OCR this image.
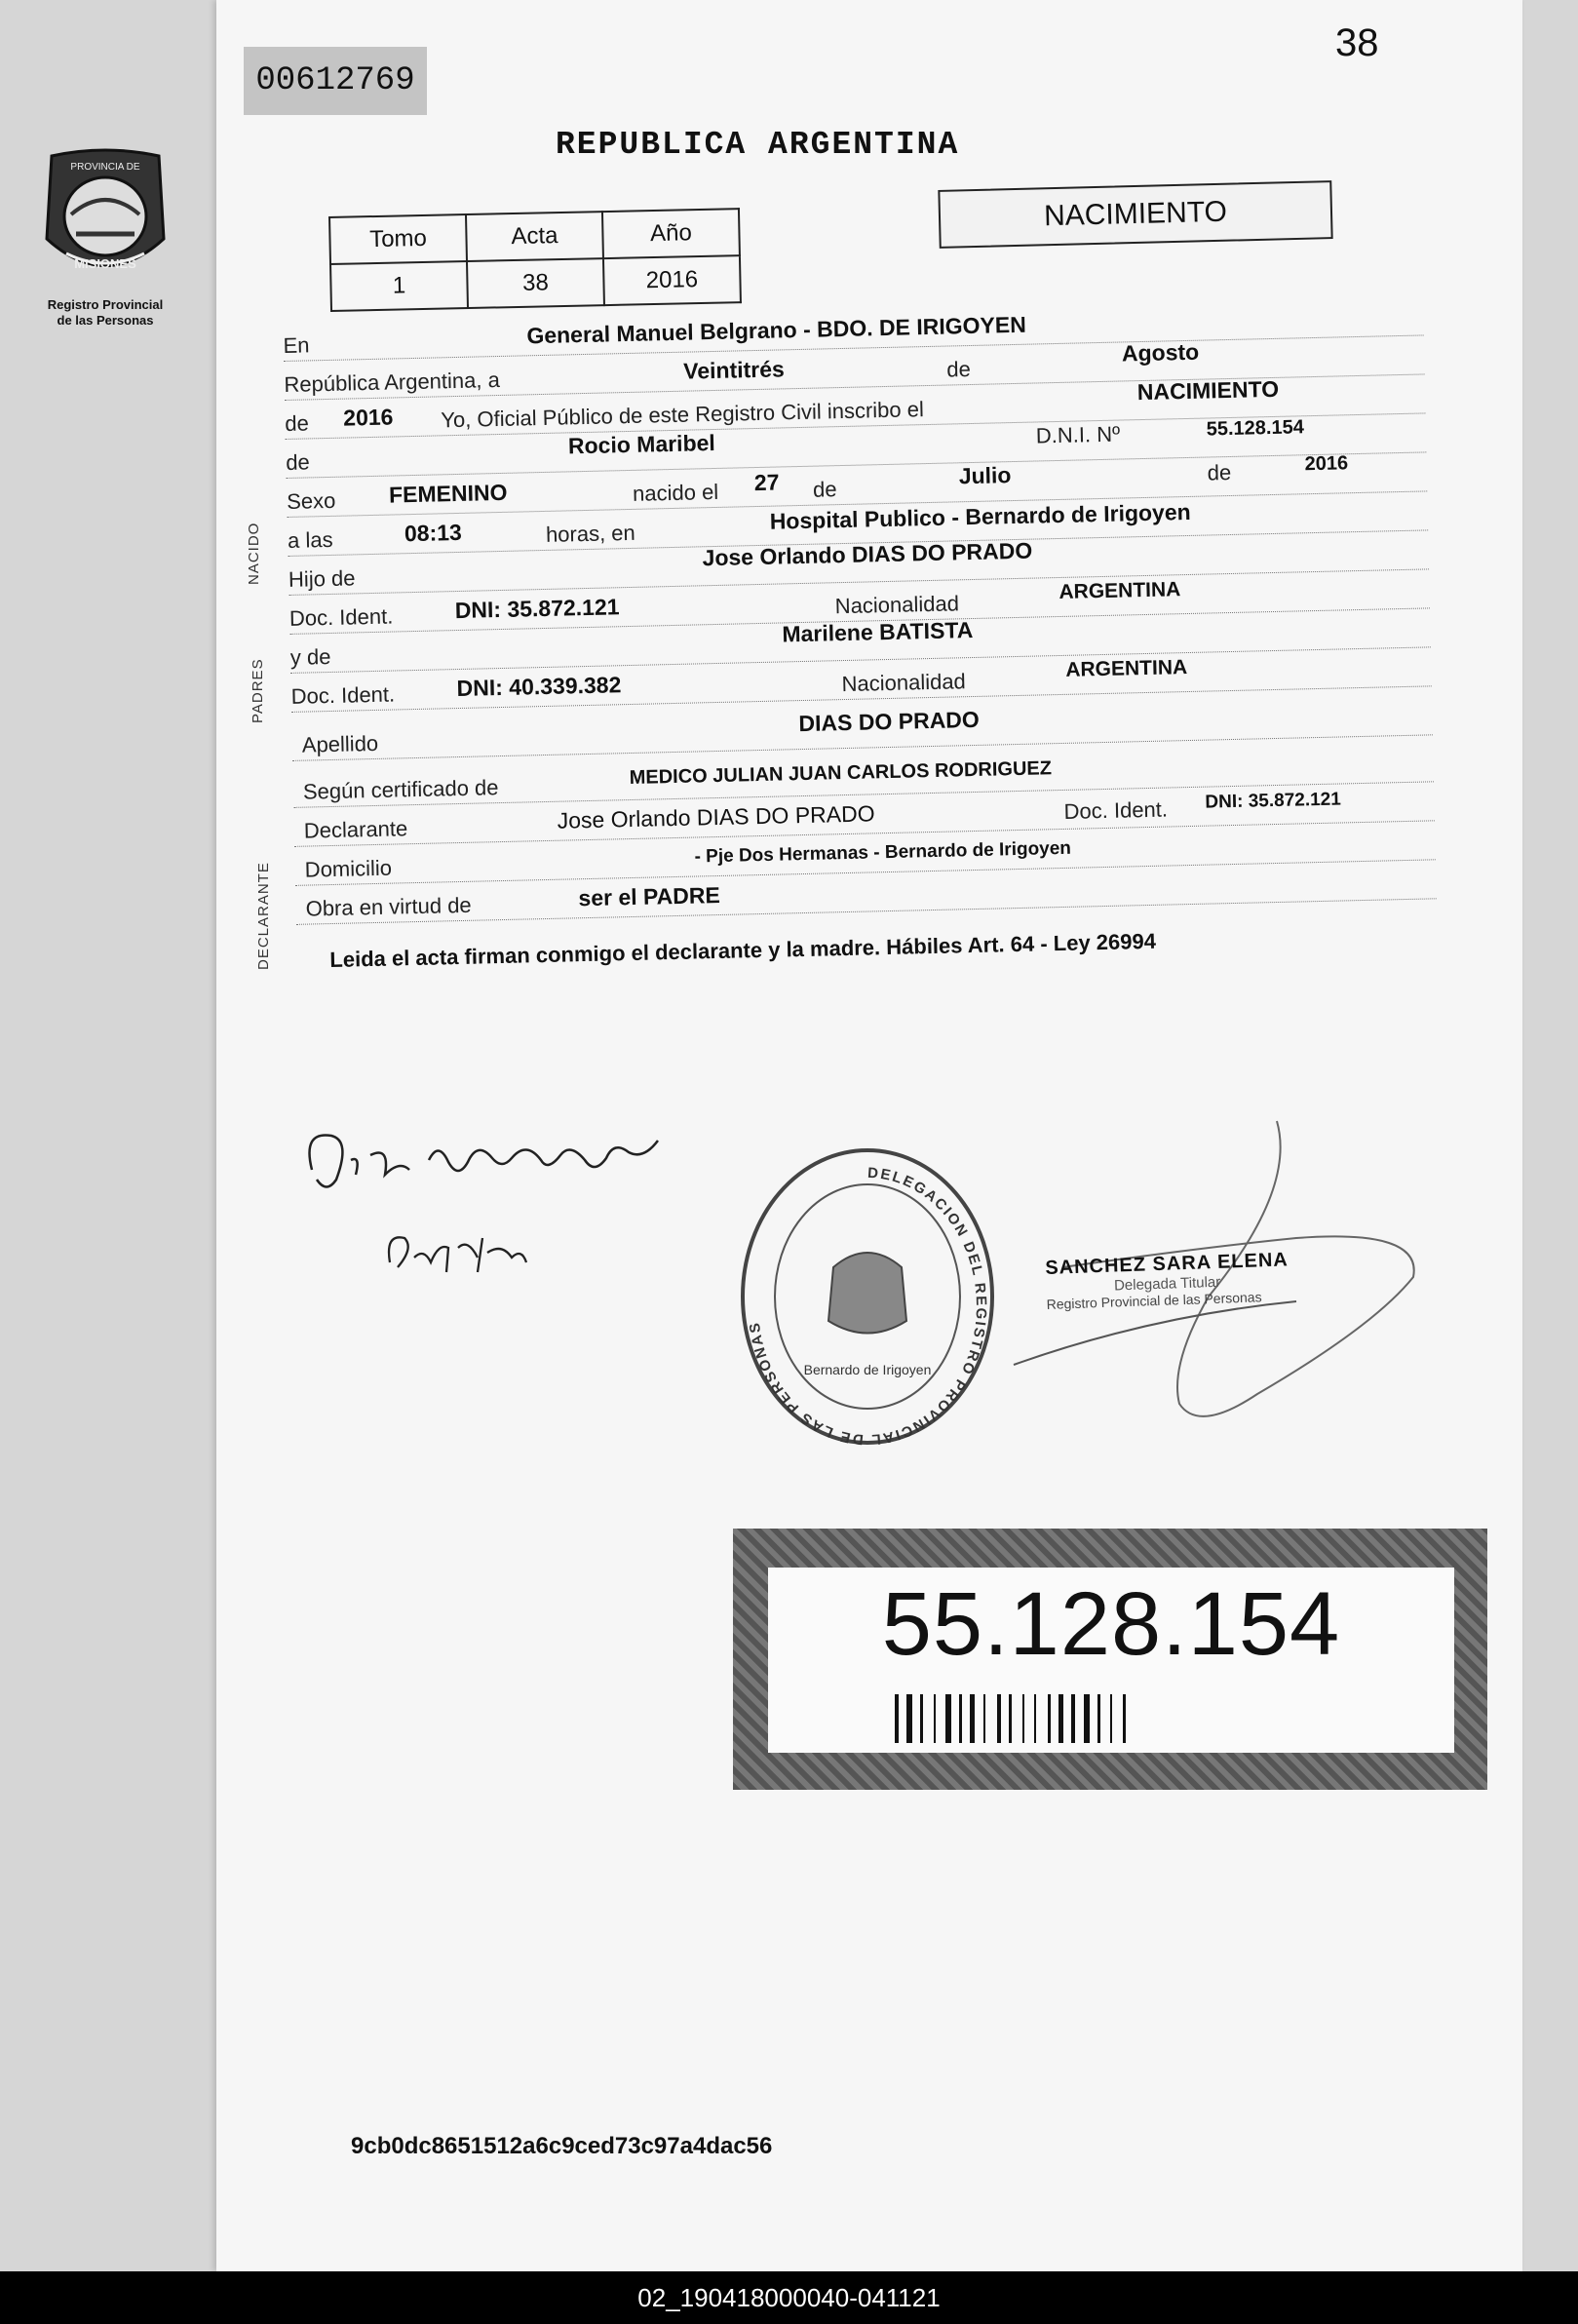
00612769
38
REPUBLICA ARGENTINA
PROVINCIA DE
MISIONES
Registro Provincial
de las Personas
Tomo	Acta	Año
1	38	2016
NACIMIENTO
NACIDO
PADRES
DECLARANTE
En	General Manuel Belgrano - BDO. DE IRIGOYEN
República Argentina, a	Veintitrés	de
Agosto
de 2016 Yo, Oficial Público de este Registro Civil inscribo el
NACIMIENTO
de
Rocio Maribel	D.N.I. Nº	55.128.154
Sexo FEMENINO	nacido el 27 de
Julio	de	2016
a las	08:13	horas, en	Hospital Publico - Bernardo de Irigoyen
Hijo de
Jose Orlando DIAS DO PRADO
Doc. Ident.	DNI: 35.872.121	Nacionalidad
ARGENTINA
y de
Marilene BATISTA
Doc. Ident.	DNI: 40.339.382	Nacionalidad
ARGENTINA
Apellido
DIAS DO PRADO
Según certificado de
MEDICO JULIAN JUAN CARLOS RODRIGUEZ
Declarante	Jose Orlando DIAS DO PRADO	Doc. Ident. DNI: 35.872.121
Domicilio
- Pje Dos Hermanas - Bernardo de Irigoyen
Obra en virtud de	ser el PADRE
Leida el acta firman conmigo el declarante y la madre. Hábiles Art. 64 - Ley 26994
DELEGACION DEL REGISTRO PROVINCIAL DE LAS PERSONAS
Bernardo de Irigoyen
SANCHEZ SARA ELENA
Delegada Titular
Registro Provincial de las Personas
55.128.154
9cb0dc8651512a6c9ced73c97a4dac56
02_190418000040-041121
